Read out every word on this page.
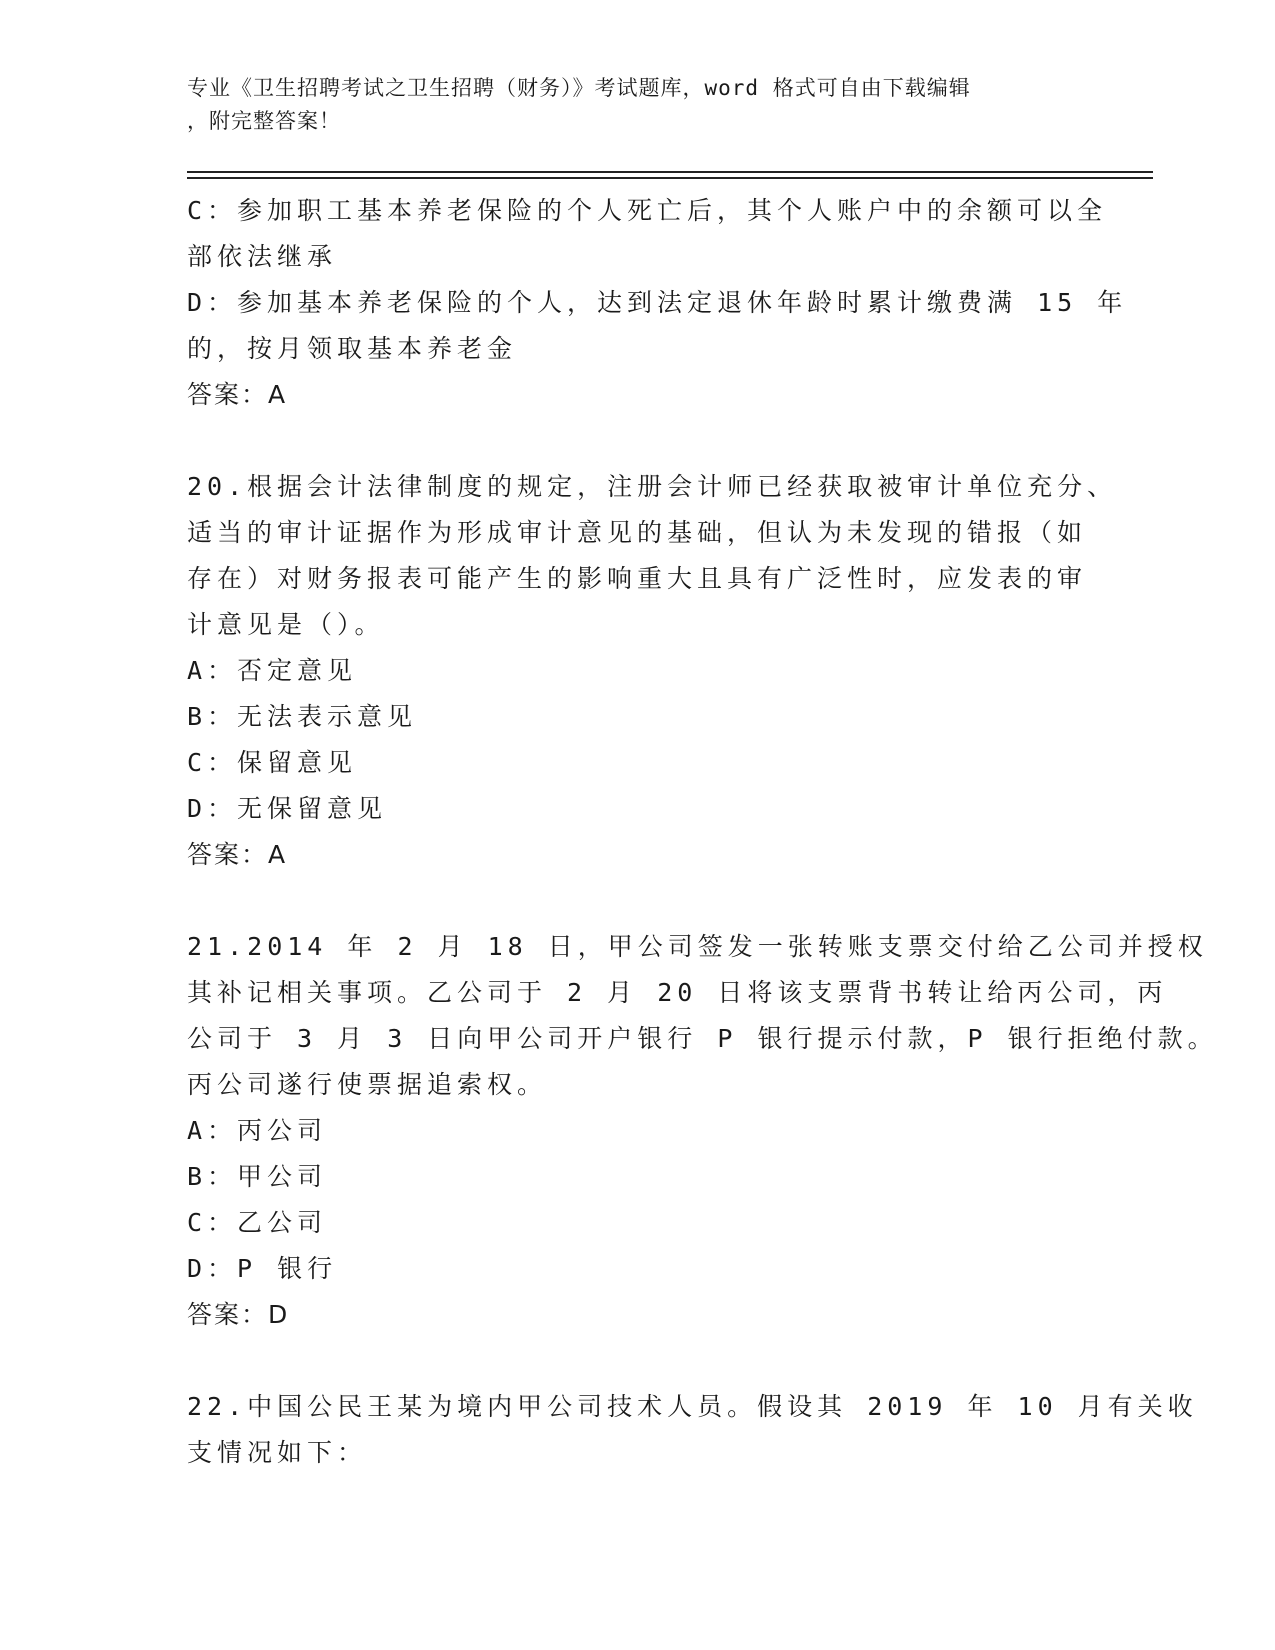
专业《卫生招聘考试之卫生招聘（财务）》考试题库，word 格式可自由下载编辑
，附完整答案！

C：参加职工基本养老保险的个人死亡后，其个人账户中的余额可以全

部依法继承

D：参加基本养老保险的个人，达到法定退休年龄时累计缴费满 15 年

的，按月领取基本养老金

答案：A

20.根据会计法律制度的规定，注册会计师已经获取被审计单位充分、

适当的审计证据作为形成审计意见的基础，但认为未发现的错报（如

存在）对财务报表可能产生的影响重大且具有广泛性时，应发表的审

计意见是（）。

A：否定意见

B：无法表示意见

C：保留意见

D：无保留意见

答案：A

21.2014 年 2 月 18 日，甲公司签发一张转账支票交付给乙公司并授权

其补记相关事项。乙公司于 2 月 20 日将该支票背书转让给丙公司，丙

公司于 3 月 3 日向甲公司开户银行 P 银行提示付款，P 银行拒绝付款。

丙公司遂行使票据追索权。

A：丙公司

B：甲公司

C：乙公司

D：P 银行

答案：D

22.中国公民王某为境内甲公司技术人员。假设其 2019 年 10 月有关收

支情况如下：
